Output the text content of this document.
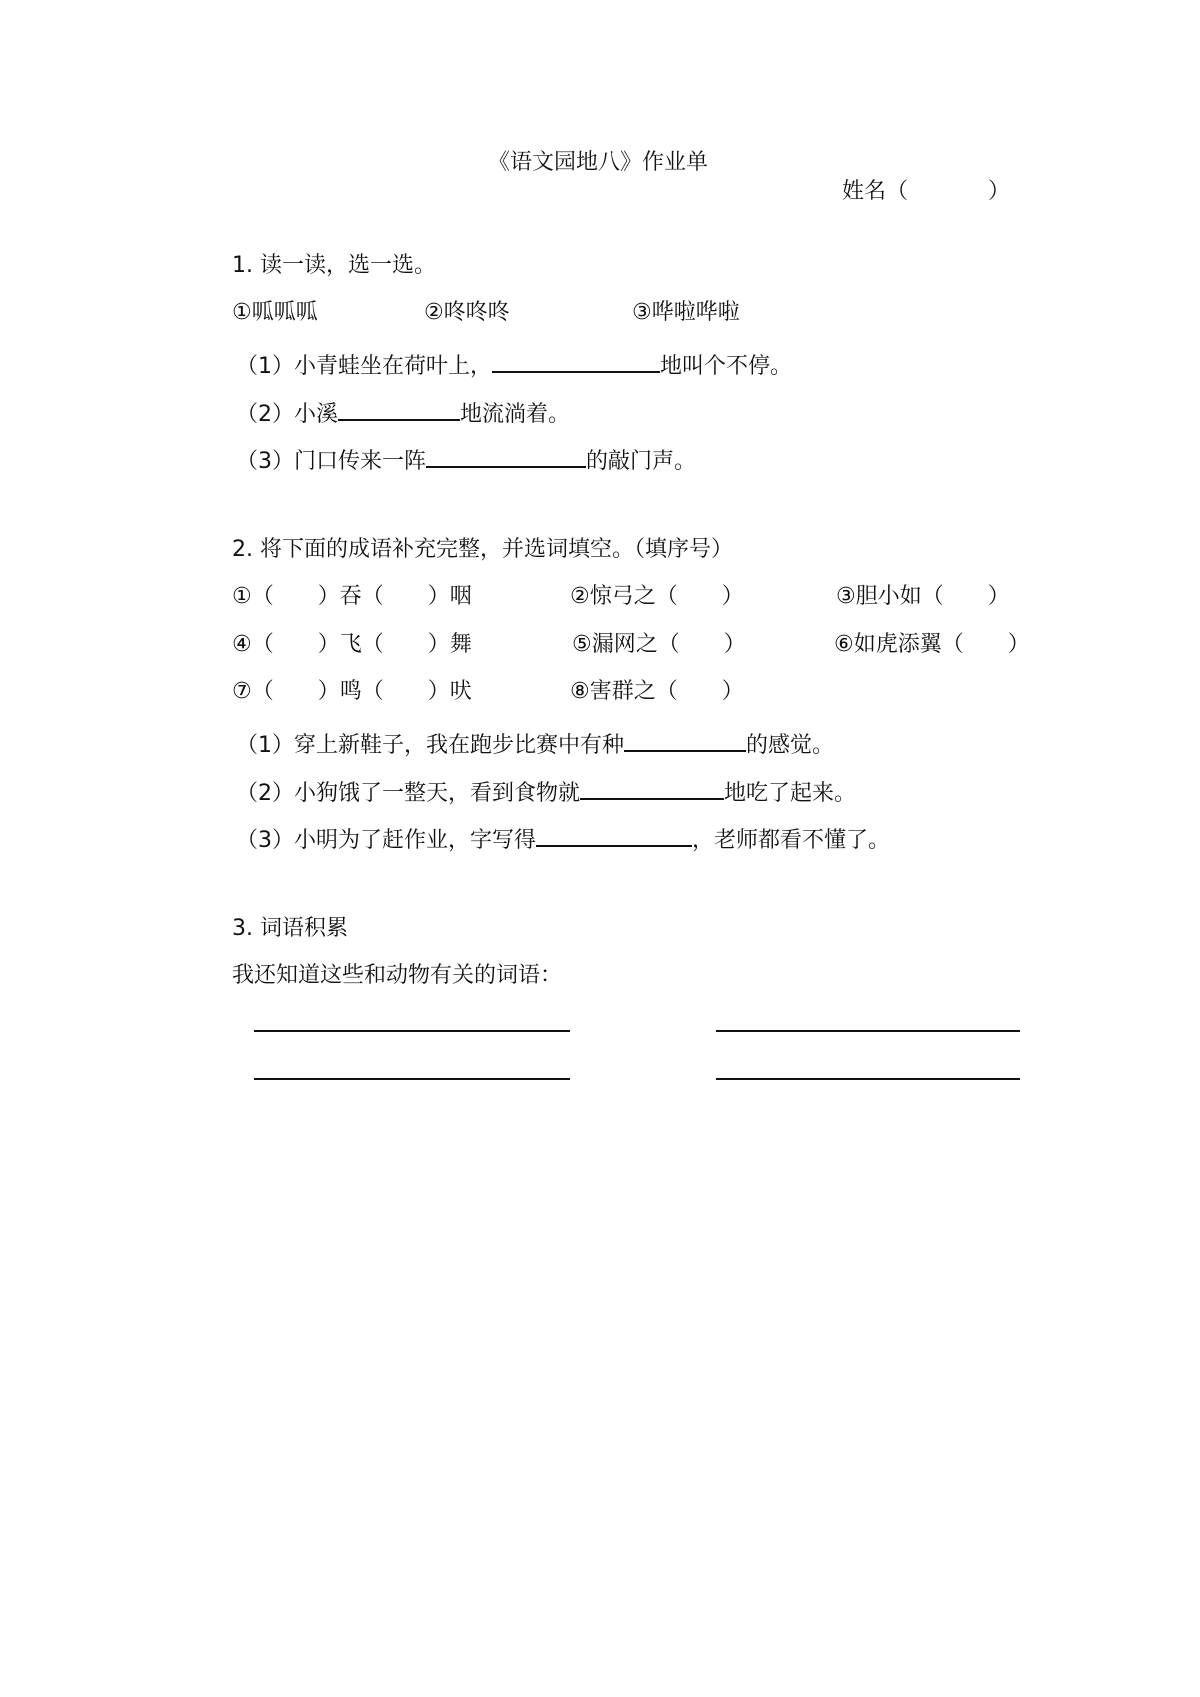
《语文园地八》作业单
姓名（	）
1. 读一读，选一选。
①呱呱呱	②咚咚咚	③哗啦哗啦
（1）小青蛙坐在荷叶上，	地叫个不停。
（2）小溪	地流淌着。
（3）门口传来一阵	的敲门声。
2. 将下面的成语补充完整，并选词填空。（填序号）
①（　　）吞（　　）咽	②惊弓之（　　）	③胆小如（　　）
④（　　）飞（　　）舞	⑤漏网之（　　）	⑥如虎添翼（　　）
⑦（　　）鸣（　　）吠	⑧害群之（　　）
（1）穿上新鞋子，我在跑步比赛中有种	的感觉。
（2）小狗饿了一整天，看到食物就	地吃了起来。
（3）小明为了赶作业，字写得	，老师都看不懂了。
3. 词语积累
我还知道这些和动物有关的词语：
